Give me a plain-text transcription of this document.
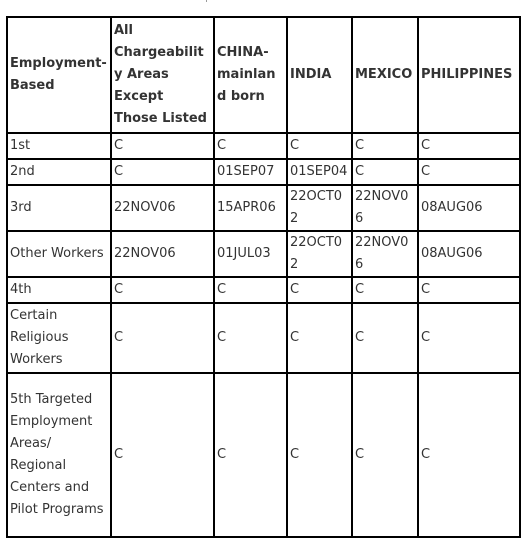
Employment-Based	All Chargeability Areas Except Those Listed	CHINA-mainland born	INDIA	MEXICO	PHILIPPINES

1st	C	C	C	C	C
2nd	C	01SEP07	01SEP04	C	C
3rd	22NOV06	15APR06	22OCT02	22NOV06	08AUG06
Other Workers	22NOV06	01JUL03	22OCT02	22NOV06	08AUG06
4th	C	C	C	C	C
Certain Religious Workers	C	C	C	C	C
5th Targeted Employment Areas/ Regional Centers and Pilot Programs	C	C	C	C	C
